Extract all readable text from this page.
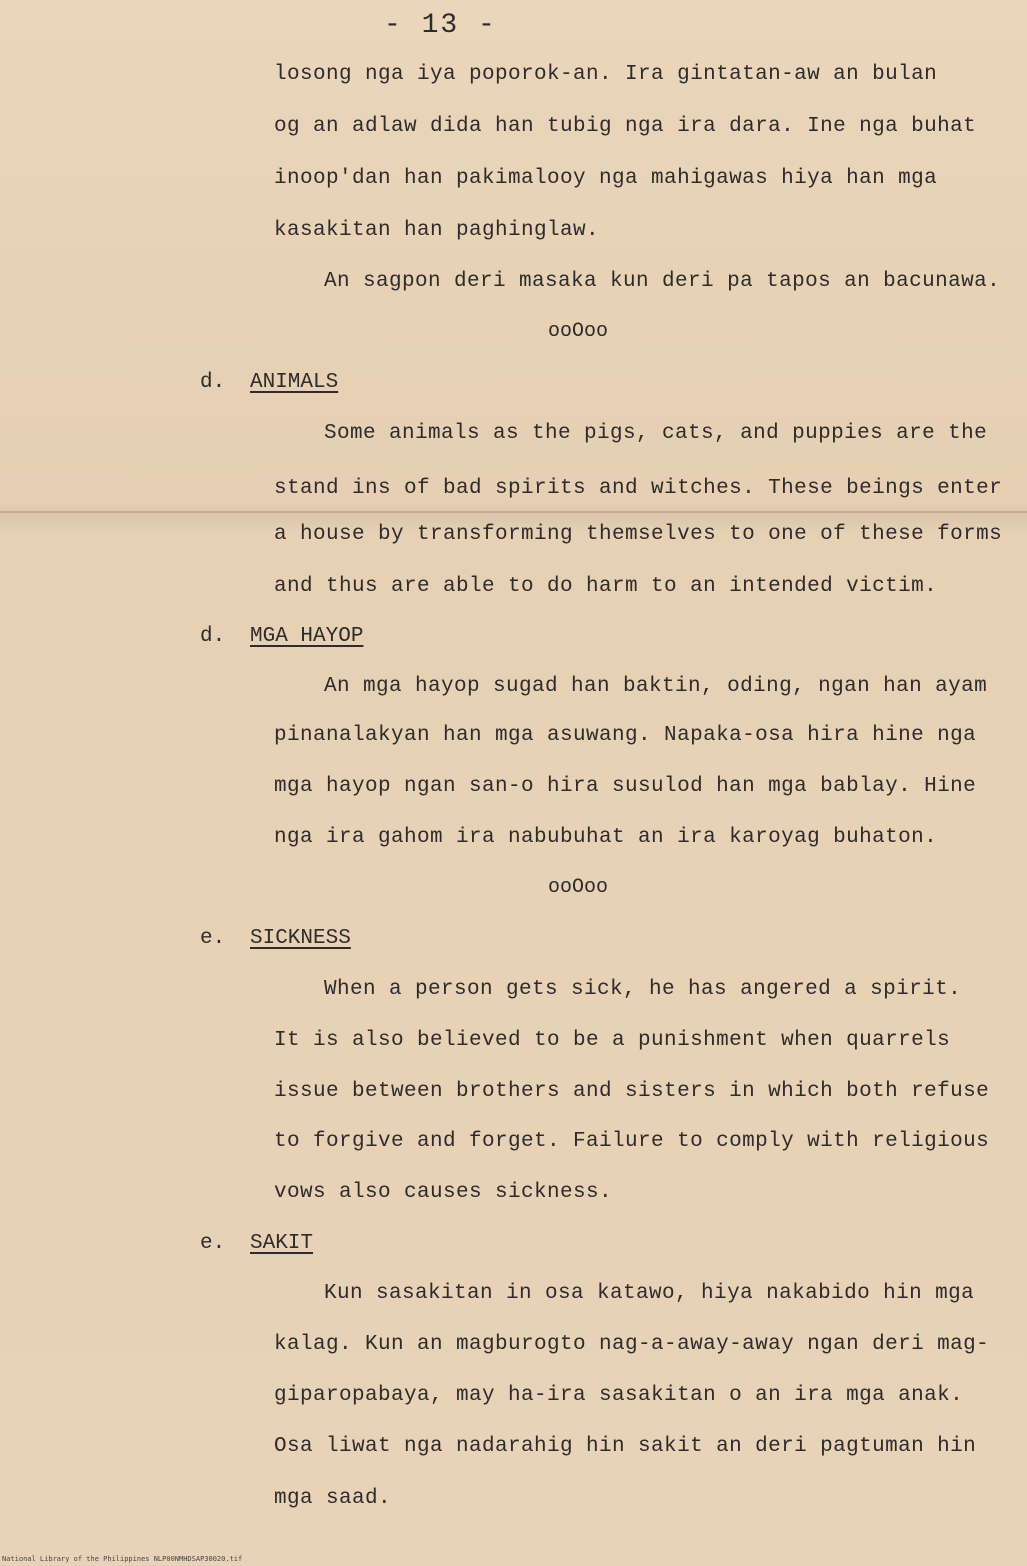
- 13 -
losong nga iya poporok-an. Ira gintatan-aw an bulan
og an adlaw dida han tubig nga ira dara. Ine nga buhat
inoop'dan han pakimalooy nga mahigawas hiya han mga
kasakitan han paghinglaw.
An sagpon deri masaka kun deri pa tapos an bacunawa.
ooOoo
d. ANIMALS
Some animals as the pigs, cats, and puppies are the
stand ins of bad spirits and witches. These beings enter
a house by transforming themselves to one of these forms
and thus are able to do harm to an intended victim.
d. MGA HAYOP
An mga hayop sugad han baktin, oding, ngan han ayam
pinanalakyan han mga asuwang. Napaka-osa hira hine nga
mga hayop ngan san-o hira susulod han mga bablay. Hine
nga ira gahom ira nabubuhat an ira karoyag buhaton.
ooOoo
e. SICKNESS
When a person gets sick, he has angered a spirit.
It is also believed to be a punishment when quarrels
issue between brothers and sisters in which both refuse
to forgive and forget. Failure to comply with religious
vows also causes sickness.
e. SAKIT
Kun sasakitan in osa katawo, hiya nakabido hin mga
kalag. Kun an magburogto nag-a-away-away ngan deri mag-
giparopabaya, may ha-ira sasakitan o an ira mga anak.
Osa liwat nga nadarahig hin sakit an deri pagtuman hin
mga saad.
National Library of the Philippines NLP00NMHDSAP30020.tif
